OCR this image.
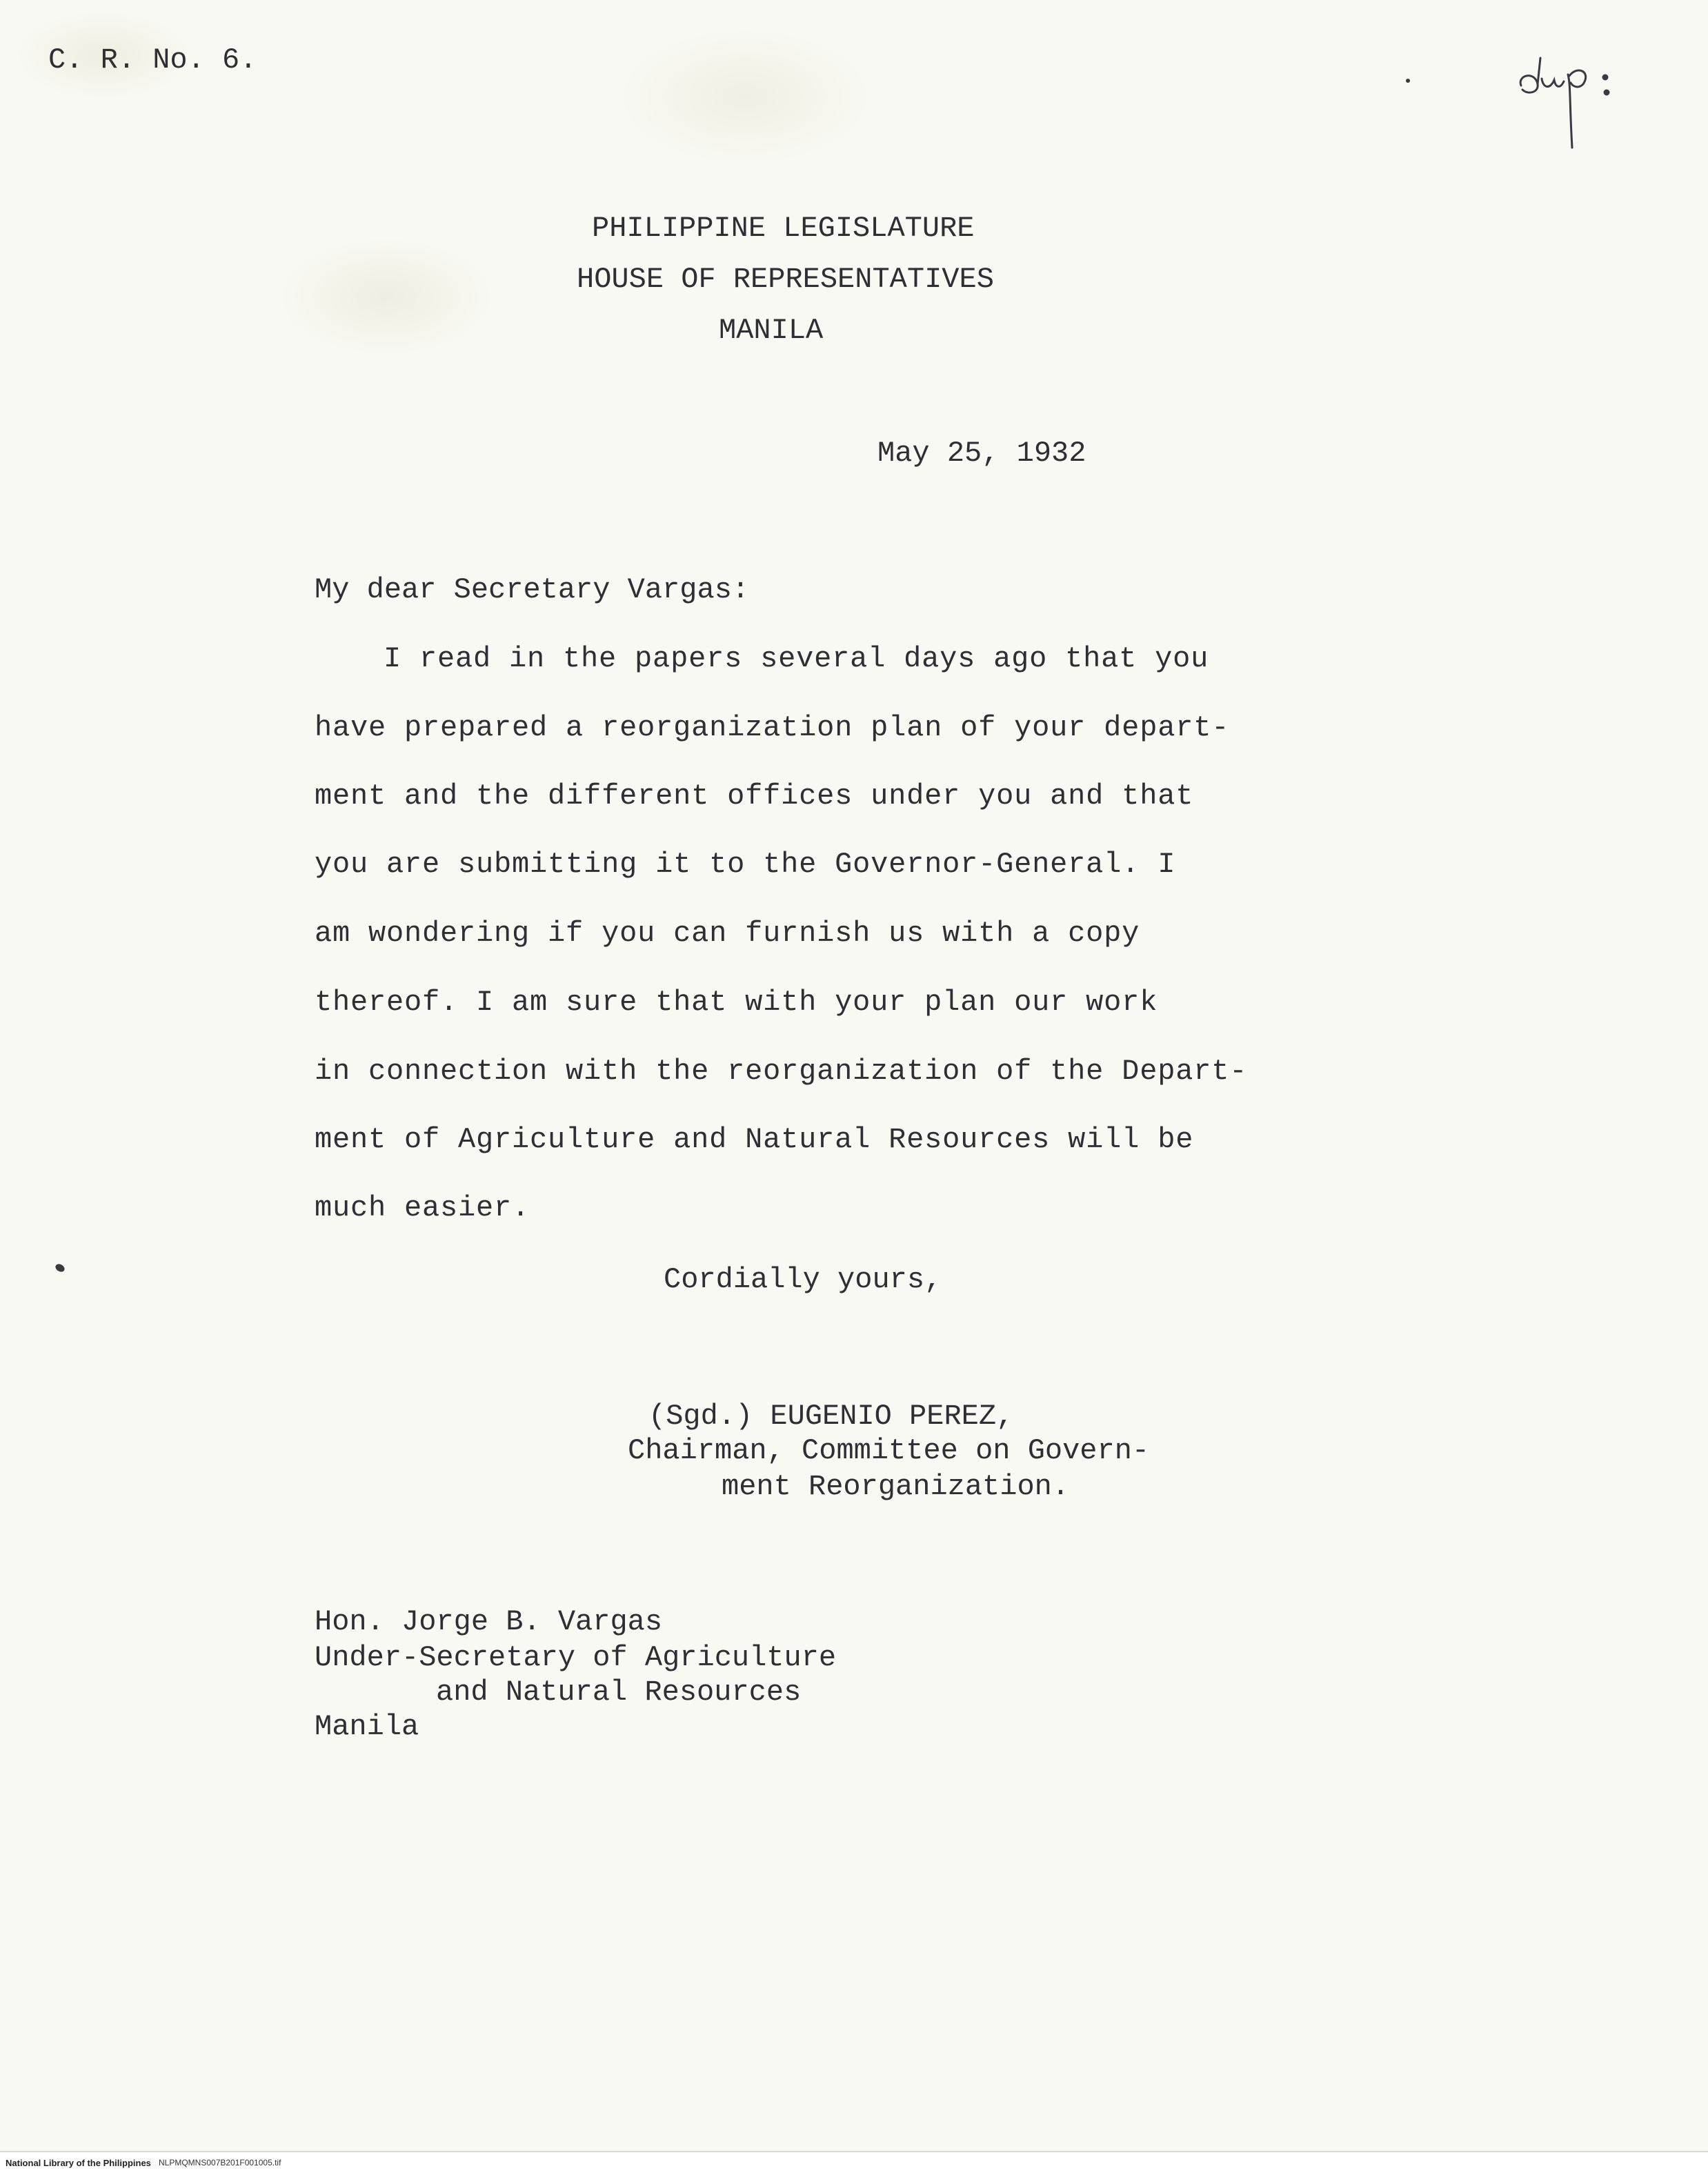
C. R. No. 6.

PHILIPPINE LEGISLATURE

HOUSE OF REPRESENTATIVES

MANILA

May 25, 1932

My dear Secretary Vargas:

I read in the papers several days ago that you

have prepared a reorganization plan of your depart-

ment and the different offices under you and that

you are submitting it to the Governor-General. I

am wondering if you can furnish us with a copy

thereof. I am sure that with your plan our work

in connection with the reorganization of the Depart-

ment of Agriculture and Natural Resources will be

much easier.

Cordially yours,

(Sgd.) EUGENIO PEREZ,

Chairman, Committee on Govern-

ment Reorganization.

Hon. Jorge B. Vargas

Under-Secretary of Agriculture

and Natural Resources

Manila

National Library of the Philippines NLPMQMNS007B201F001005.tif
